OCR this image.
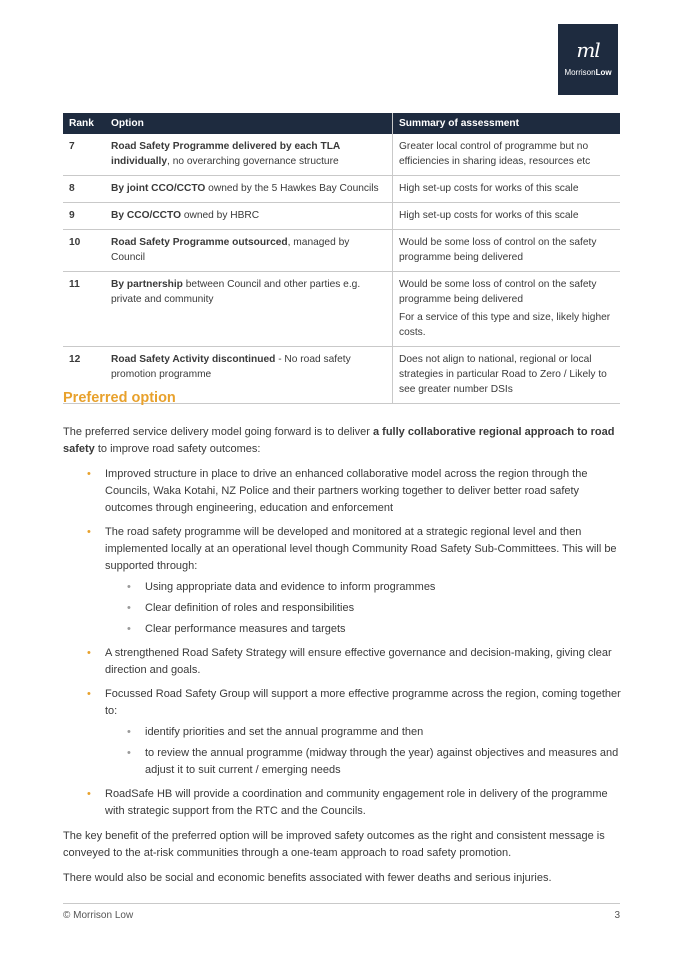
ml
MorrisonLow
Rank	Option	Summary of assessment
7	Road Safety Programme delivered by each TLA individually, no overarching governance structure	Greater local control of programme but no efficiencies in sharing ideas, resources etc

8	By joint CCO/CCTO owned by the 5 Hawkes Bay Councils	High set-up costs for works of this scale

9	By CCO/CCTO owned by HBRC	High set-up costs for works of this scale

10	Road Safety Programme outsourced, managed by Council	Would be some loss of control on the safety programme being delivered

11	By partnership between Council and other parties e.g. private and community	Would be some loss of control on the safety programme being delivered

For a service of this type and size, likely higher costs.

12	Road Safety Activity discontinued - No road safety promotion programme	Does not align to national, regional or local strategies in particular Road to Zero / Likely to see greater number DSIs

Preferred option

The preferred service delivery model going forward is to deliver a fully collaborative regional approach to road safety to improve road safety outcomes:

• Improved structure in place to drive an enhanced collaborative model across the region through the Councils, Waka Kotahi, NZ Police and their partners working together to deliver better road safety outcomes through engineering, education and enforcement
• The road safety programme will be developed and monitored at a strategic regional level and then implemented locally at an operational level though Community Road Safety Sub-Committees. This will be supported through:
• Using appropriate data and evidence to inform programmes
• Clear definition of roles and responsibilities
• Clear performance measures and targets
• A strengthened Road Safety Strategy will ensure effective governance and decision-making, giving clear direction and goals.
• Focussed Road Safety Group will support a more effective programme across the region, coming together to:
• identify priorities and set the annual programme and then
• to review the annual programme (midway through the year) against objectives and measures and adjust it to suit current / emerging needs
• RoadSafe HB will provide a coordination and community engagement role in delivery of the programme with strategic support from the RTC and the Councils.

The key benefit of the preferred option will be improved safety outcomes as the right and consistent message is conveyed to the at-risk communities through a one-team approach to road safety promotion.

There would also be social and economic benefits associated with fewer deaths and serious injuries.

© Morrison Low	3
